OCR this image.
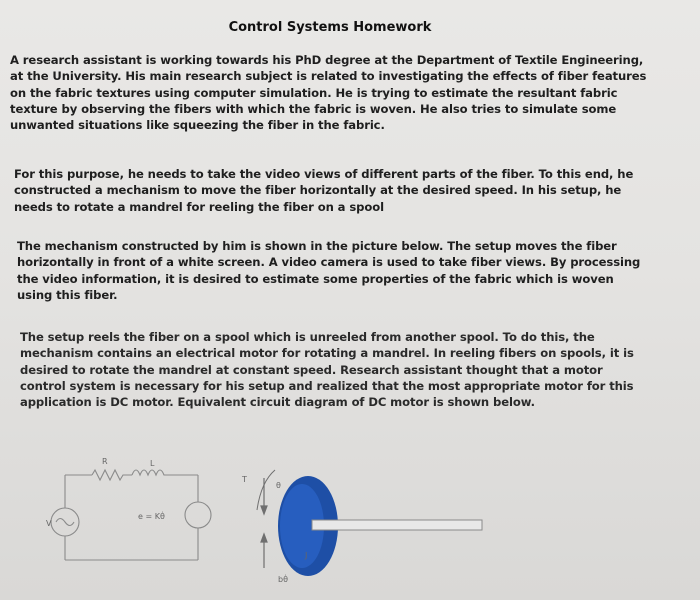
Control Systems Homework
A research assistant is working towards his PhD degree at the Department of Textile Engineering, at the University. His main research subject is related to investigating the effects of fiber features on the fabric textures using computer simulation. He is trying to estimate the resultant fabric texture by observing the fibers with which the fabric is woven. He also tries to simulate some unwanted situations like squeezing the fiber in the fabric.
For this purpose, he needs to take the video views of different parts of the fiber. To this end, he constructed a mechanism to move the fiber horizontally at the desired speed. In his setup, he needs to rotate a mandrel for reeling the fiber on a spool
The mechanism constructed by him is shown in the picture below. The setup moves the fiber horizontally in front of a white screen. A video camera is used to take fiber views. By processing the video information, it is desired to estimate some properties of the fabric which is woven using this fiber.
The setup reels the fiber on a spool which is unreeled from another spool. To do this, the mechanism contains an electrical motor for rotating a mandrel. In reeling fibers on spools, it is desired to rotate the mandrel at constant speed. Research assistant thought that a motor control system is necessary for his setup and realized that the most appropriate motor for this application is DC motor. Equivalent circuit diagram of DC motor is shown below.
R	L
V
e = Kθ̇
T
θ
J
bθ̇
